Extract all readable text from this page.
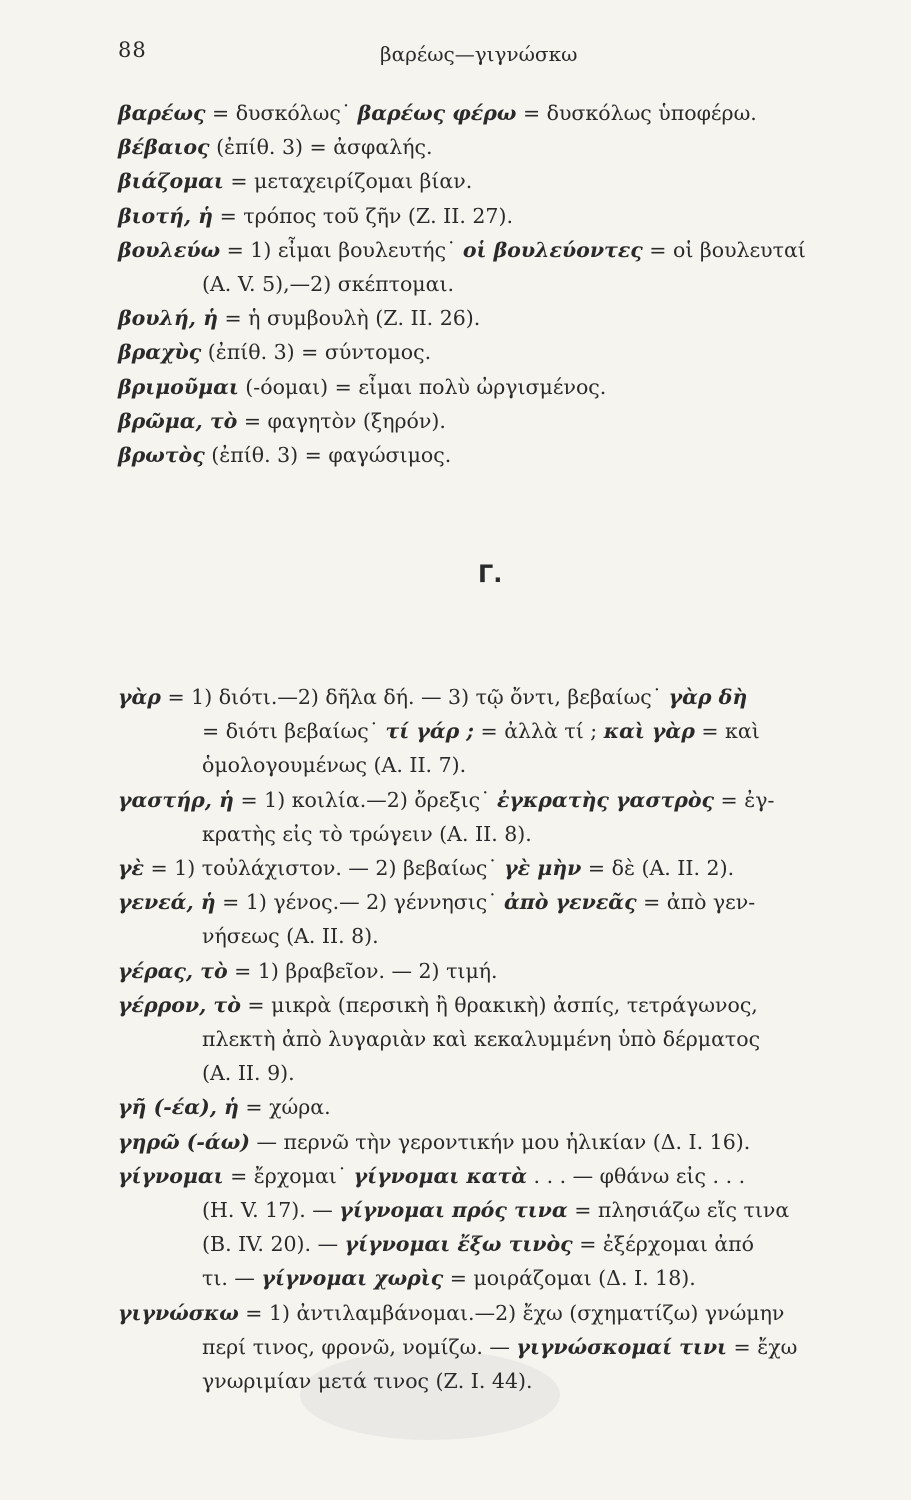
88	βαρέως—γιγνώσκω
βαρέως = δυσκόλως˙ βαρέως φέρω = δυσκόλως ὑποφέρω.
βέβαιος (ἐπίθ. 3) = ἀσφαλής.
βιάζομαι = μεταχειρίζομαι βίαν.
βιοτή, ἡ = τρόπος τοῦ ζῆν (Ζ. ΙΙ. 27).
βουλεύω = 1) εἶμαι βουλευτής˙ οἱ βουλεύοντες = οἱ βουλευταί
(Α. V. 5),—2) σκέπτομαι.
βουλή, ἡ = ἡ συμβουλὴ (Ζ. ΙΙ. 26).
βραχὺς (ἐπίθ. 3) = σύντομος.
βριμοῦμαι (-όομαι) = εἶμαι πολὺ ὠργισμένος.
βρῶμα, τὸ = φαγητὸν (ξηρόν).
βρωτὸς (ἐπίθ. 3) = φαγώσιμος.
Γ.
γὰρ = 1) διότι.—2) δῆλα δή. — 3) τῷ ὄντι, βεβαίως˙ γὰρ δὴ
= διότι βεβαίως˙ τί γάρ ; = ἀλλὰ τί ; καὶ γὰρ = καὶ
ὁμολογουμένως (Α. ΙΙ. 7).
γαστήρ, ἡ = 1) κοιλία.—2) ὄρεξις˙ ἐγκρατὴς γαστρὸς = ἐγ-
κρατὴς εἰς τὸ τρώγειν (Α. ΙΙ. 8).
γὲ = 1) τοὐλάχιστον. — 2) βεβαίως˙ γὲ μὴν = δὲ (Α. ΙΙ. 2).
γενεά, ἡ = 1) γένος.— 2) γέννησις˙ ἀπὸ γενεᾶς = ἀπὸ γεν-
νήσεως (Α. ΙΙ. 8).
γέρας, τὸ = 1) βραβεῖον. — 2) τιμή.
γέρρον, τὸ = μικρὰ (περσικὴ ἢ θρακικὴ) ἀσπίς, τετράγωνος,
πλεκτὴ ἀπὸ λυγαριὰν καὶ κεκαλυμμένη ὑπὸ δέρματος
(Α. ΙΙ. 9).
γῆ (-έα), ἡ = χώρα.
γηρῶ (-άω) — περνῶ τὴν γεροντικήν μου ἡλικίαν (Δ. Ι. 16).
γίγνομαι = ἔρχομαι˙ γίγνομαι κατὰ . . . — φθάνω εἰς . . .
(Η. V. 17). — γίγνομαι πρός τινα = πλησιάζω εἴς τινα
(Β. IV. 20). — γίγνομαι ἔξω τινὸς = ἐξέρχομαι ἀπό
τι. — γίγνομαι χωρὶς = μοιράζομαι (Δ. Ι. 18).
γιγνώσκω = 1) ἀντιλαμβάνομαι.—2) ἔχω (σχηματίζω) γνώμην
περί τινος, φρονῶ, νομίζω. — γιγνώσκομαί τινι = ἔχω
γνωριμίαν μετά τινος (Ζ. Ι. 44).
